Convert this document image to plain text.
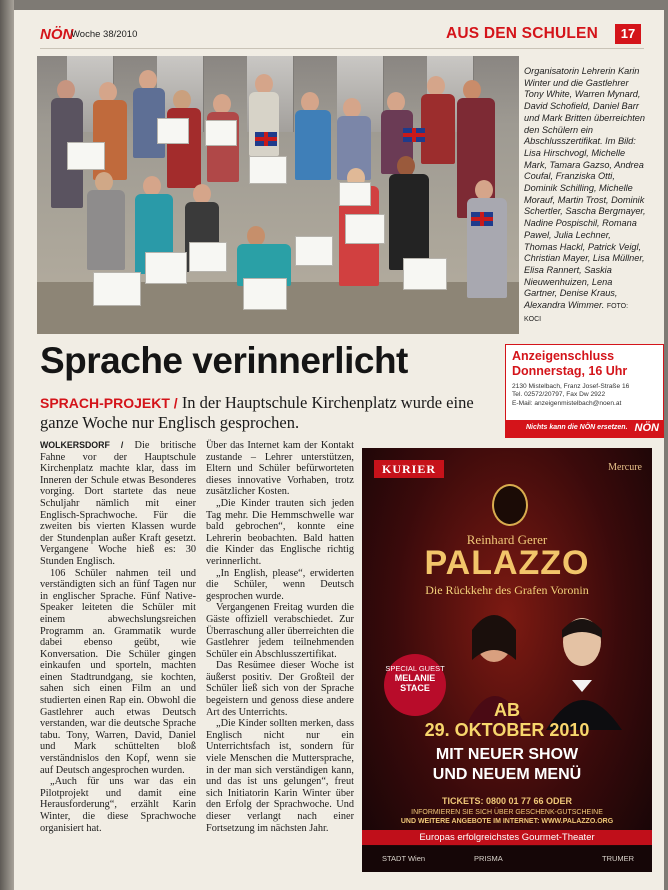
NÖN
Woche 38/2010	AUS DEN SCHULEN	17

Organisatorin Lehrerin Karin Winter und die Gastlehrer Tony White, Warren Mynard, David Schofield, Daniel Barr und Mark Britten überreichten den Schülern ein Abschlusszertifikat. Im Bild: Lisa Hirschvogl, Michelle Mark, Tamara Gazso, Andrea Coufal, Franziska Otti, Dominik Schilling, Michelle Morauf, Martin Trost, Dominik Schertler, Sascha Bergmayer, Nadine Pospischil, Romana Pawel, Julia Lechner, Thomas Hackl, Patrick Veigl, Christian Mayer, Lisa Müllner, Elisa Rannert, Saskia Nieuwenhuizen, Lena Gartner, Denise Kraus, Alexandra Wimmer. FOTO: KOCI

Sprache verinnerlicht

SPRACH-PROJEKT / In der Hauptschule Kirchenplatz wurde eine ganze Woche nur Englisch gesprochen.

Anzeigenschluss
Donnerstag, 16 Uhr
2130 Mistelbach, Franz Josef-Straße 16
Tel. 02572/20797, Fax Dw 2922
E-Mail: anzeigenmistelbach@noen.at
Nichts kann die NÖN ersetzen. NÖN

WOLKERSDORF / Die britische Fahne vor der Hauptschule Kirchenplatz machte klar, dass im Inneren der Schule etwas Besonderes vorging. Dort startete das neue Schuljahr nämlich mit einer Englisch-Sprachwoche. Für die zweiten bis vierten Klassen wurde der Stundenplan außer Kraft gesetzt. Vergangene Woche hieß es: 30 Stunden Englisch.

106 Schüler nahmen teil und verständigten sich an fünf Tagen nur in englischer Sprache. Fünf Native-Speaker leiteten die Schüler mit einem abwechslungsreichen Programm an. Grammatik wurde dabei ebenso geübt, wie Konversation. Die Schüler gingen einkaufen und sporteln, machten einen Stadtrundgang, sie kochten, sahen sich einen Film an und studierten einen Rap ein. Obwohl die Gastlehrer auch etwas Deutsch verstanden, war die deutsche Sprache tabu. Tony, Warren, David, Daniel und Mark schüttelten bloß verständnislos den Kopf, wenn sie auf Deutsch angesprochen wurden.

„Auch für uns war das ein Pilotprojekt und damit eine Herausforderung“, erzählt Karin Winter, die diese Sprachwoche organisiert hat.

Über das Internet kam der Kontakt zustande – Lehrer unterstützen, Eltern und Schüler befürworteten dieses innovative Vorhaben, trotz zusätzlicher Kosten.

„Die Kinder trauten sich jeden Tag mehr. Die Hemmschwelle war bald gebrochen“, konnte eine Lehrerin beobachten. Bald hatten die Kinder das Englische richtig verinnerlicht.

„In English, please“, erwiderten die Schüler, wenn Deutsch gesprochen wurde.

Vergangenen Freitag wurden die Gäste offiziell verabschiedet. Zur Überraschung aller überreichten die Gastlehrer jedem teilnehmenden Schüler ein Abschlusszertifikat.

Das Resümee dieser Woche ist äußerst positiv. Der Großteil der Schüler ließ sich von der Sprache begeistern und genoss diese andere Art des Unterrichts.

„Die Kinder sollten merken, dass Englisch nicht nur ein Unterrichtsfach ist, sondern für viele Menschen die Muttersprache, in der man sich verständigen kann, und das ist uns gelungen“, freut sich Initiatorin Karin Winter über den Erfolg der Sprachwoche. Und dieser verlangt nach einer Fortsetzung im nächsten Jahr.

KURIER	Mercure
Reinhard Gerer
PALAZZO
Die Rückkehr des Grafen Voronin
SPECIAL GUEST
MELANIE STACE
AB
29. OKTOBER 2010
MIT NEUER SHOW
UND NEUEM MENÜ
TICKETS: 0800 01 77 66 ODER
INFORMIEREN SIE SICH ÜBER GESCHENK-GUTSCHEINE
UND WEITERE ANGEBOTE IM INTERNET: WWW.PALAZZO.ORG
Europas erfolgreichstes Gourmet-Theater
STADT Wien	PRISMA	TRUMER
